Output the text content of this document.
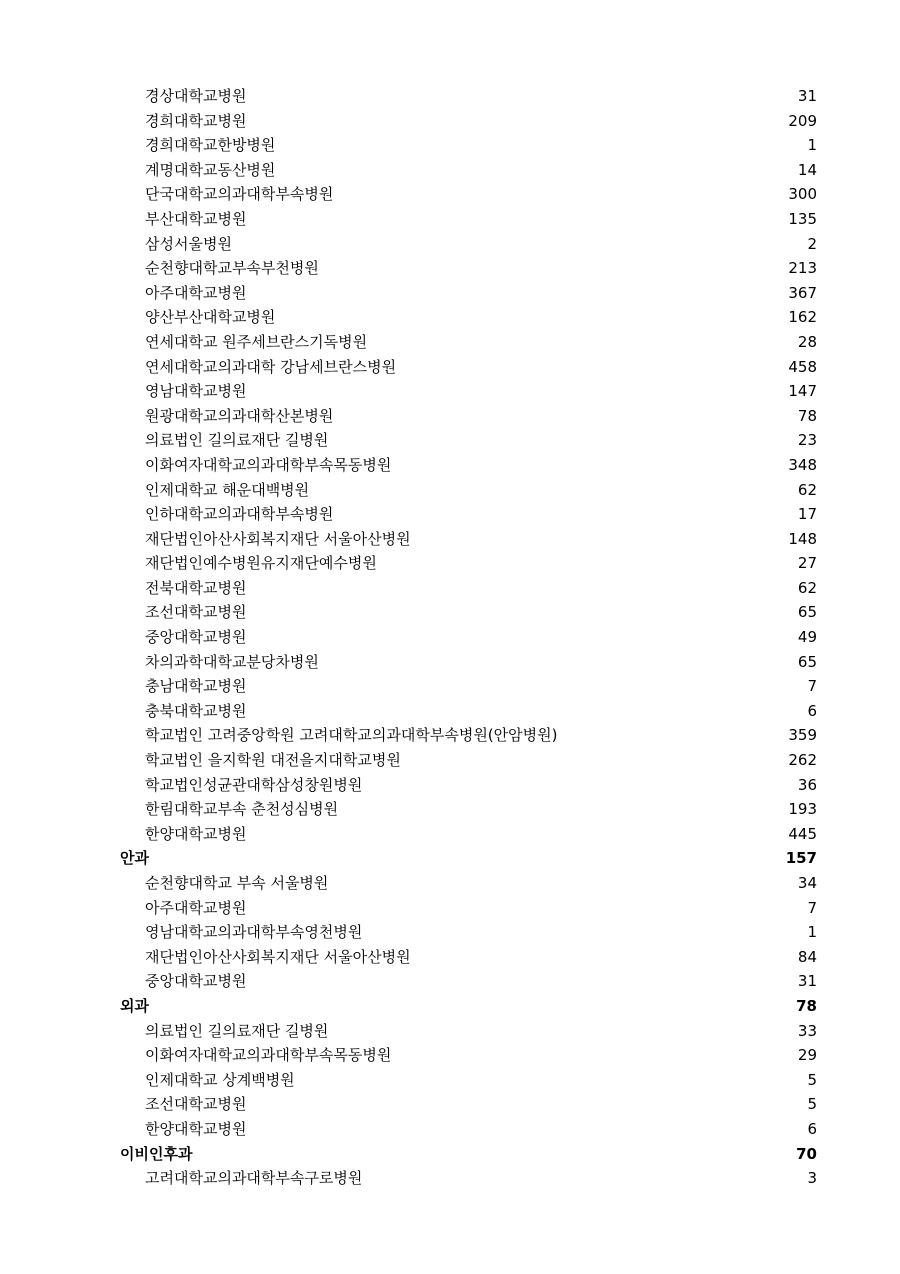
경상대학교병원	31
경희대학교병원	209
경희대학교한방병원	1
계명대학교동산병원	14
단국대학교의과대학부속병원	300
부산대학교병원	135
삼성서울병원	2
순천향대학교부속부천병원	213
아주대학교병원	367
양산부산대학교병원	162
연세대학교 원주세브란스기독병원	28
연세대학교의과대학 강남세브란스병원	458
영남대학교병원	147
원광대학교의과대학산본병원	78
의료법인 길의료재단 길병원	23
이화여자대학교의과대학부속목동병원	348
인제대학교 해운대백병원	62
인하대학교의과대학부속병원	17
재단법인아산사회복지재단 서울아산병원	148
재단법인예수병원유지재단예수병원	27
전북대학교병원	62
조선대학교병원	65
중앙대학교병원	49
차의과학대학교분당차병원	65
충남대학교병원	7
충북대학교병원	6
학교법인 고려중앙학원 고려대학교의과대학부속병원(안암병원)	359
학교법인 을지학원 대전을지대학교병원	262
학교법인성균관대학삼성창원병원	36
한림대학교부속 춘천성심병원	193
한양대학교병원	445
안과	157
순천향대학교 부속 서울병원	34
아주대학교병원	7
영남대학교의과대학부속영천병원	1
재단법인아산사회복지재단 서울아산병원	84
중앙대학교병원	31
외과	78
의료법인 길의료재단 길병원	33
이화여자대학교의과대학부속목동병원	29
인제대학교 상계백병원	5
조선대학교병원	5
한양대학교병원	6
이비인후과	70
고려대학교의과대학부속구로병원	3
